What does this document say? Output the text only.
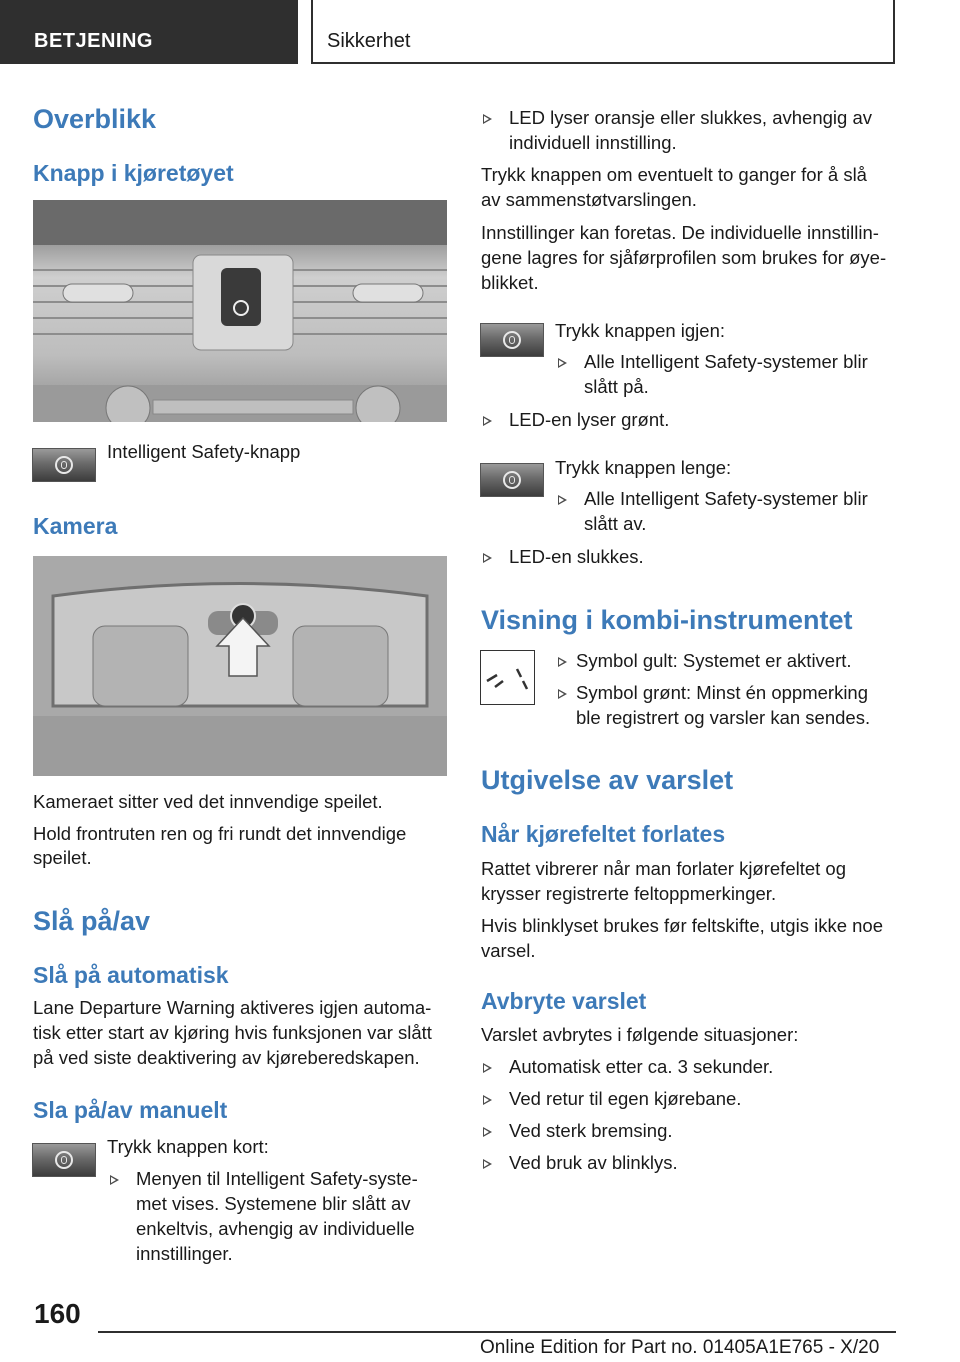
BETJENING	Sikkerhet
Overblikk
Knapp i kjøretøyet
Intelligent Safety-knapp
Kamera
Kameraet sitter ved det innvendige speilet.
Hold frontruten ren og fri rundt det innvendige
speilet.
Slå på/av
Slå på automatisk
Lane Departure Warning aktiveres igjen automa‐
tisk etter start av kjøring hvis funksjonen var slått
på ved siste deaktivering av kjøreberedskapen.
Sla på/av manuelt
Trykk knappen kort:
Menyen til Intelligent Safety-syste‐
met vises. Systemene blir slått av
enkeltvis, avhengig av individuelle
innstillinger.
LED lyser oransje eller slukkes, avhengig av
individuell innstilling.
Trykk knappen om eventuelt to ganger for å slå
av sammenstøtvarslingen.
Innstillinger kan foretas. De individuelle innstillin‐
gene lagres for sjåførprofilen som brukes for øye‐
blikket.
Trykk knappen igjen:
Alle Intelligent Safety-systemer blir
slått på.
LED-en lyser grønt.
Trykk knappen lenge:
Alle Intelligent Safety-systemer blir
slått av.
LED-en slukkes.
Visning i kombi-instrumentet
Symbol gult: Systemet er aktivert.
Symbol grønt: Minst én oppmerking
ble registrert og varsler kan sendes.
Utgivelse av varslet
Når kjørefeltet forlates
Rattet vibrerer når man forlater kjørefeltet og
krysser registrerte feltoppmerkinger.
Hvis blinklyset brukes før feltskifte, utgis ikke noe
varsel.
Avbryte varslet
Varslet avbrytes i følgende situasjoner:
Automatisk etter ca. 3 sekunder.
Ved retur til egen kjørebane.
Ved sterk bremsing.
Ved bruk av blinklys.
160
Online Edition for Part no. 01405A1E765 - X/20
